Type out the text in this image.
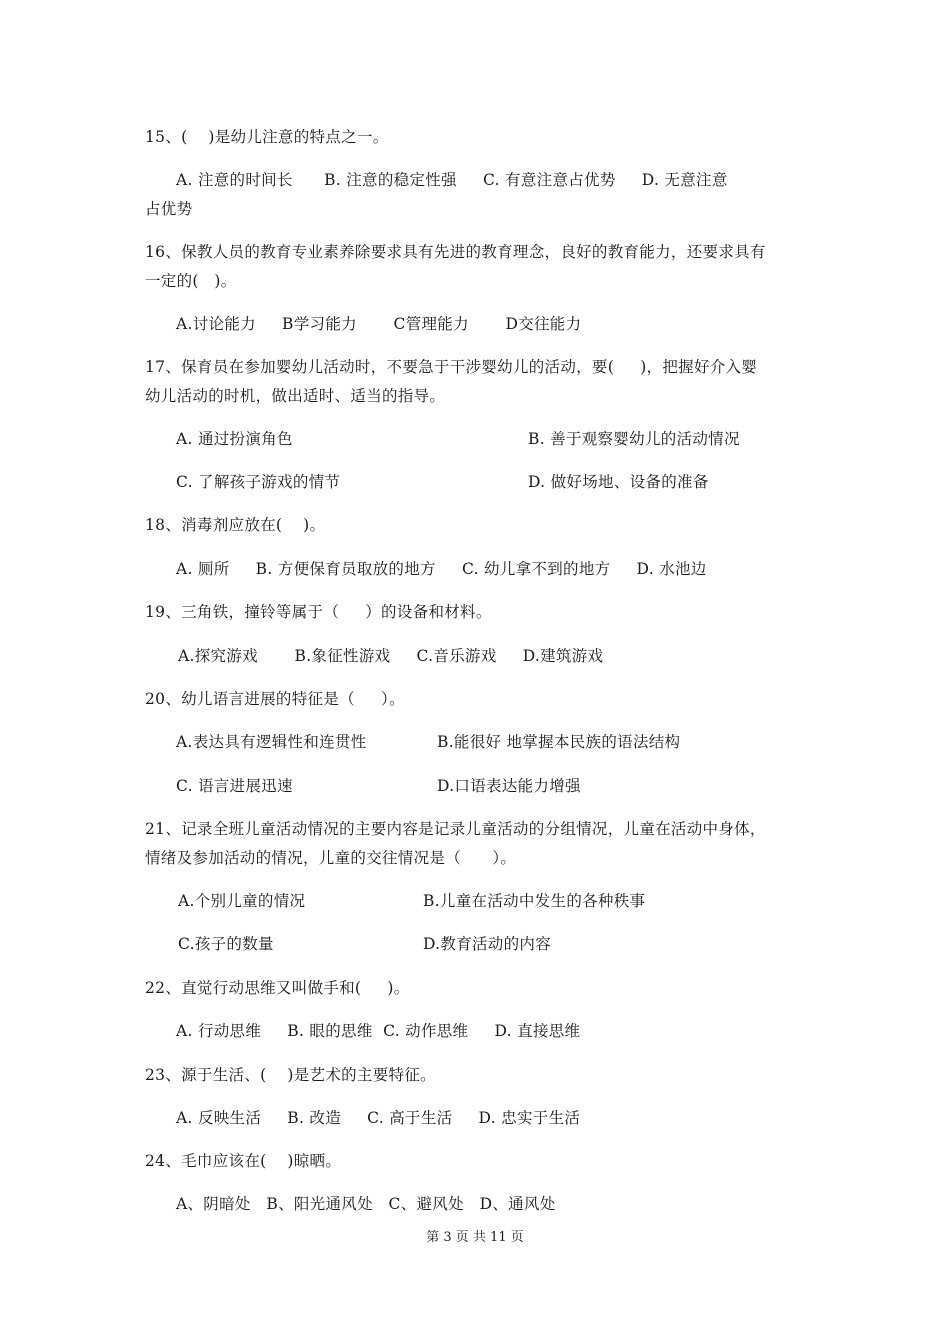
15、(    )是幼儿注意的特点之一。
A. 注意的时间长      B. 注意的稳定性强     C. 有意注意占优势     D. 无意注意
占优势
16、保教人员的教育专业素养除要求具有先进的教育理念，良好的教育能力，还要求具有
一定的(   )。
A.讨论能力     B学习能力       C管理能力       D交往能力
17、保育员在参加婴幼儿活动时，不要急于干涉婴幼儿的活动，要(     )，把握好介入婴
幼儿活动的时机，做出适时、适当的指导。
A. 通过扮演角色	B. 善于观察婴幼儿的活动情况
C. 了解孩子游戏的情节	D. 做好场地、设备的准备
18、消毒剂应放在(    )。
A. 厕所     B. 方便保育员取放的地方     C. 幼儿拿不到的地方     D. 水池边
19、三角铁，撞铃等属于（     ）的设备和材料。
A.探究游戏       B.象征性游戏     C.音乐游戏     D.建筑游戏
20、幼儿语言进展的特征是（     ）。
A.表达具有逻辑性和连贯性	B.能很好 地掌握本民族的语法结构
C. 语言进展迅速	D.口语表达能力增强
21、记录全班儿童活动情况的主要内容是记录儿童活动的分组情况，儿童在活动中身体，
情绪及参加活动的情况，儿童的交往情况是（      ）。
A.个别儿童的情况	B.儿童在活动中发生的各种秩事
C.孩子的数量	D.教育活动的内容
22、直觉行动思维又叫做手和(     )。
A. 行动思维     B. 眼的思维  C. 动作思维     D. 直接思维
23、源于生活、(    )是艺术的主要特征。
A. 反映生活     B. 改造     C. 高于生活     D. 忠实于生活
24、毛巾应该在(    )晾晒。
A、阴暗处   B、阳光通风处   C、避风处   D、通风处
第 3 页 共 11 页
